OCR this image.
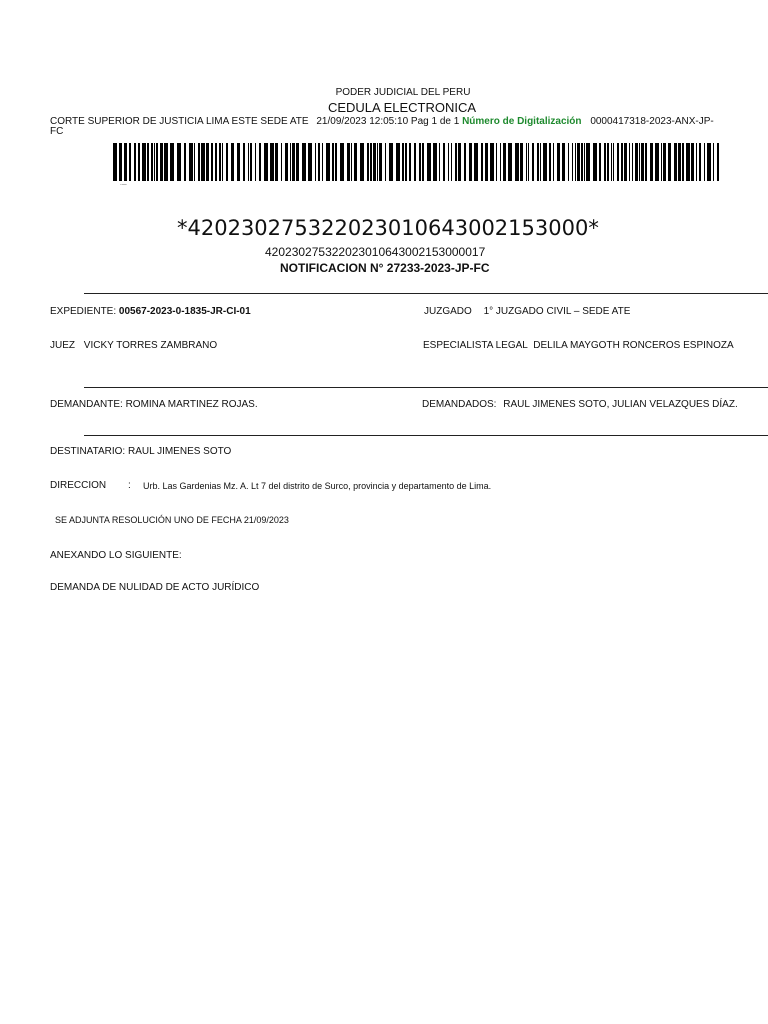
PODER JUDICIAL DEL PERU
CEDULA ELECTRONICA
CORTE SUPERIOR DE JUSTICIA LIMA ESTE SEDE ATE 21/09/2023 12:05:10 Pag 1 de 1 Número de Digitalización 0000417318-2023-ANX-JP-
FC
·—
*42023027532202301064300215300​0*
420230275322023010643002153000017
NOTIFICACION N° 27233-2023-JP-FC
EXPEDIENTE: 00567-2023-0-1835-JR-CI-01	JUZGADO 1° JUZGADO CIVIL – SEDE ATE
JUEZ VICKY TORRES ZAMBRANO	ESPECIALISTA LEGAL DELILA MAYGOTH RONCEROS ESPINOZA
DEMANDANTE: ROMINA MARTINEZ ROJAS.	DEMANDADOS: RAUL JIMENES SOTO, JULIAN VELAZQUES DÍAZ.
DESTINATARIO: RAUL JIMENES SOTO
DIRECCION : Urb. Las Gardenias Mz. A. Lt 7 del distrito de Surco, provincia y departamento de Lima.
SE ADJUNTA RESOLUCIÓN UNO DE FECHA 21/09/2023
ANEXANDO LO SIGUIENTE:
DEMANDA DE NULIDAD DE ACTO JURÍDICO
